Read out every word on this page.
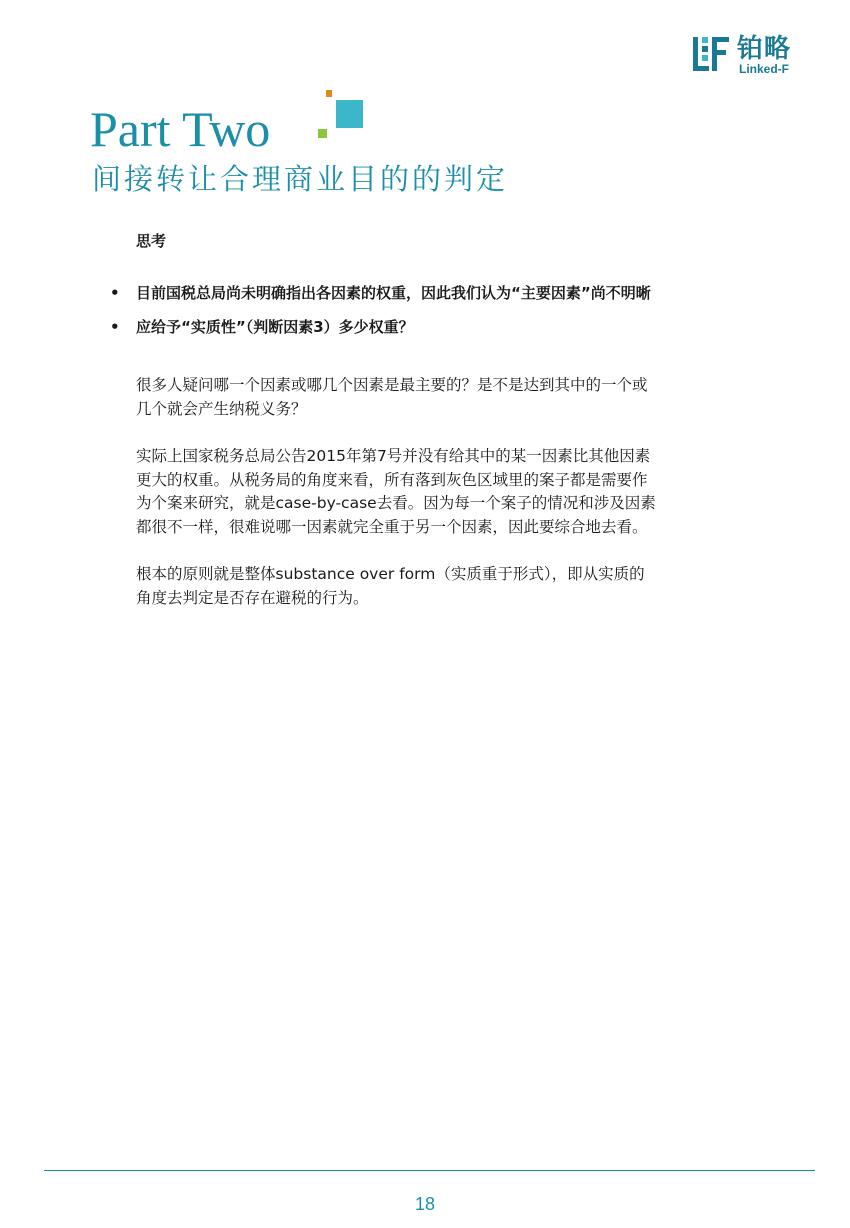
铂略
Linked-F
Part Two
间接转让合理商业目的的判定
思考
• 目前国税总局尚未明确指出各因素的权重，因此我们认为“主要因素”尚不明晰
• 应给予“实质性”（判断因素3）多少权重？

很多人疑问哪一个因素或哪几个因素是最主要的？是不是达到其中的一个或
几个就会产生纳税义务？

实际上国家税务总局公告2015年第7号并没有给其中的某一因素比其他因素
更大的权重。从税务局的角度来看，所有落到灰色区域里的案子都是需要作
为个案来研究，就是case-by-case去看。因为每一个案子的情况和涉及因素
都很不一样，很难说哪一因素就完全重于另一个因素，因此要综合地去看。

根本的原则就是整体substance over form（实质重于形式），即从实质的
角度去判定是否存在避税的行为。

18
